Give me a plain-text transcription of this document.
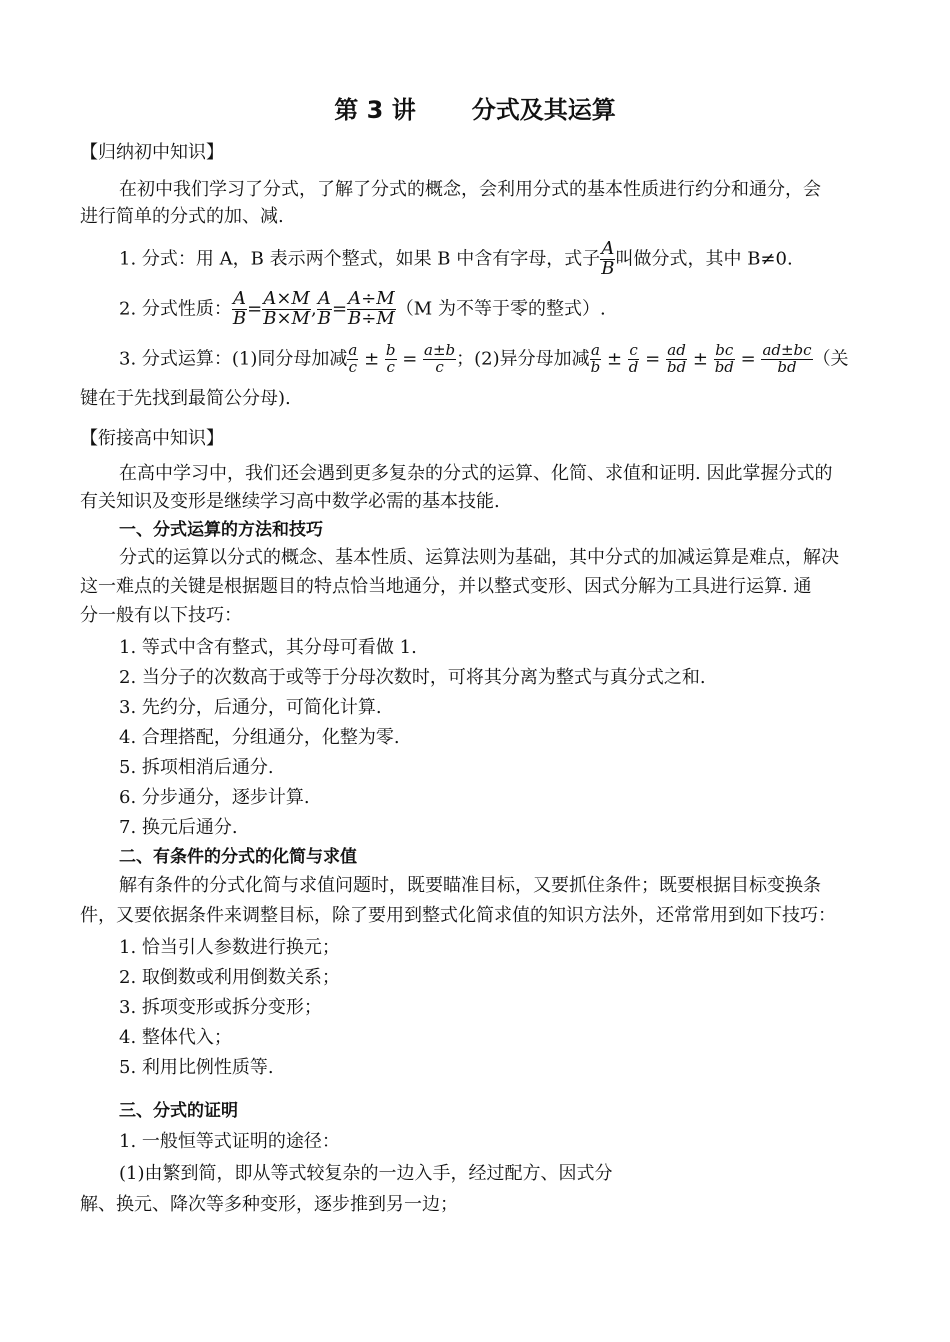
第 3 讲 分式及其运算
【归纳初中知识】
在初中我们学习了分式，了解了分式的概念，会利用分式的基本性质进行约分和通分，会
进行简单的分式的加、减.
1. 分式：用 A，B 表示两个整式，如果 B 中含有字母，式子 $\frac{A}{B}$ 叫做分式，其中 B≠0.
2. 分式性质： $\frac{A}{B} = \frac{A\times M}{B\times M}$ , $\frac{A}{B} = \frac{A\div M}{B\div M} (M$ 为不等于零的整式）.
3. 分式运算：(1)同分母加减 $\frac{a}{c} \pm \frac{b}{c} = \frac{a\pm b}{c}$ ；(2)异分母加减 $\frac{a}{b} \pm \frac{c}{d} = \frac{ad}{bd} \pm \frac{bc}{bd} = \frac{ad\pm bc}{bd}$ （关
键在于先找到最简公分母).
【衔接高中知识】
在高中学习中，我们还会遇到更多复杂的分式的运算、化简、求值和证明. 因此掌握分式的
有关知识及变形是继续学习高中数学必需的基本技能.
一、分式运算的方法和技巧
分式的运算以分式的概念、基本性质、运算法则为基础，其中分式的加减运算是难点，解决
这一难点的关键是根据题目的特点恰当地通分，并以整式变形、因式分解为工具进行运算. 通
分一般有以下技巧：
1. 等式中含有整式，其分母可看做 1.
2. 当分子的次数高于或等于分母次数时，可将其分离为整式与真分式之和.
3. 先约分，后通分，可简化计算.
4. 合理搭配，分组通分，化整为零.
5. 拆项相消后通分.
6. 分步通分，逐步计算.
7. 换元后通分.
二、有条件的分式的化简与求值
解有条件的分式化简与求值问题时，既要瞄准目标，又要抓住条件；既要根据目标变换条
件，又要依据条件来调整目标，除了要用到整式化简求值的知识方法外，还常常用到如下技巧：
1. 恰当引人参数进行换元；
2. 取倒数或利用倒数关系；
3. 拆项变形或拆分变形；
4. 整体代入；
5. 利用比例性质等.
三、分式的证明
1. 一般恒等式证明的途径：
(1)由繁到简，即从等式较复杂的一边入手，经过配方、因式分
解、换元、降次等多种变形，逐步推到另一边；
